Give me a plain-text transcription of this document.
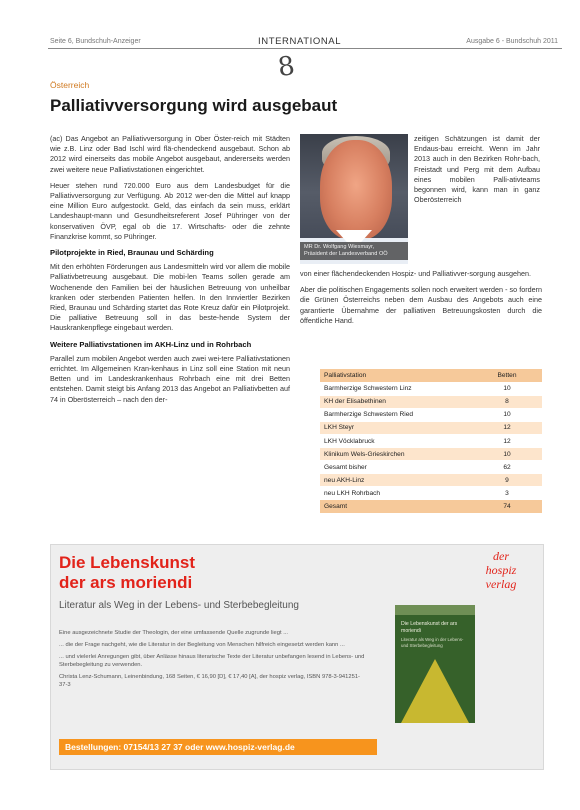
Seite 6, Bundschuh-Anzeiger	INTERNATIONAL	Ausgabe 6 - Bundschuh 2011
8
Österreich
Palliativversorgung wird ausgebaut

(ac) Das Angebot an Palliativversorgung in Ober Öster-reich mit Städten wie z.B. Linz oder Bad Ischl wird flä-chendeckend ausgebaut. Schon ab 2012 wird einerseits das mobile Angebot ausgebaut, andererseits werden zwei weitere neue Palliativstationen eingerichtet.

Heuer stehen rund 720.000 Euro aus dem Landesbudget für die Palliativversorgung zur Verfügung. Ab 2012 wer-den die Mittel auf knapp eine Million Euro aufgestockt. Geld, das einfach da sein muss, erklärt Landeshaupt-mann und Gesundheitsreferent Josef Pühringer von der konservativen ÖVP, egal ob die 17. Wirtschafts- oder die zehnte Finanzkrise kommt, so Pühringer.

Pilotprojekte in Ried, Braunau und Schärding

Mit den erhöhten Förderungen aus Landesmitteln wird vor allem die mobile Palliativbetreuung ausgebaut. Die mobi-len Teams sollen gerade am Wochenende den Familien bei der häuslichen Betreuung von unheilbar kranken oder sterbenden Patienten helfen. In den Innviertler Bezirken Ried, Braunau und Schärding startet das Rote Kreuz dafür ein Pilotprojekt. Die palliative Betreuung soll in das beste-hende System der Hauskrankenpflege eingebaut werden.

Weitere Palliativstationen im AKH-Linz und in Rohrbach

Parallel zum mobilen Angebot werden auch zwei wei-tere Palliativstationen errichtet. Im Allgemeinen Kran-kenhaus in Linz soll eine Station mit neun Betten und im Landeskrankenhaus Rohrbach eine mit drei Betten entstehen. Damit steigt bis Anfang 2013 das Angebot an Palliativbetten auf 74 in Oberösterreich – nach den der-

MR Dr. Wolfgang Wiesmayr,
Präsident der Landesverband OÖ

zeitigen Schätzungen ist damit der Endaus-bau erreicht. Wenn im Jahr 2013 auch in den Bezirken Rohr-bach, Freistadt und Perg mit dem Aufbau eines mobilen Palli-ativteams begonnen wird, kann man in ganz Oberösterreich

von einer flächendeckenden Hospiz- und Palliativver-sorgung ausgehen.

Aber die politischen Engagements sollen noch erweitert werden - so fordern die Grünen Österreichs neben dem Ausbau des Angebots auch eine garantierte Übernahme der palliativen Betreuungskosten durch die öffentliche Hand.

Palliativstation	Betten
Barmherzige Schwestern Linz	10
KH der Elisabethinen	8
Barmherzige Schwestern Ried	10
LKH Steyr	12
LKH Vöcklabruck	12
Klinikum Wels-Grieskirchen	10
Gesamt bisher	62
neu AKH-Linz	9
neu LKH Rohrbach	3
Gesamt	74
Die Lebenskunst
der ars moriendi
der
hospiz
verlag
Literatur als Weg in der Lebens- und Sterbebegleitung

Eine ausgezeichnete Studie der Theologin, der eine umfassende Quelle zugrunde liegt ...

... die der Frage nachgeht, wie die Literatur in der Begleitung von Menschen hilfreich eingesetzt werden kann ...

... und vielerlei Anregungen gibt, über Anlässe hinaus literarische Texte der Literatur unbefangen lesend in Lebens- und Sterbebegleitung zu verwenden.

Christa Lenz-Schumann, Leinenbindung, 168 Seiten, € 16,90 [D], € 17,40 [A], der hospiz verlag, ISBN 978-3-941251-37-3

Die Lebenskunst der ars moriendi
Literatur als Weg in der Lebens- und Sterbebegleitung
Bestellungen: 07154/13 27 37 oder www.hospiz-verlag.de
